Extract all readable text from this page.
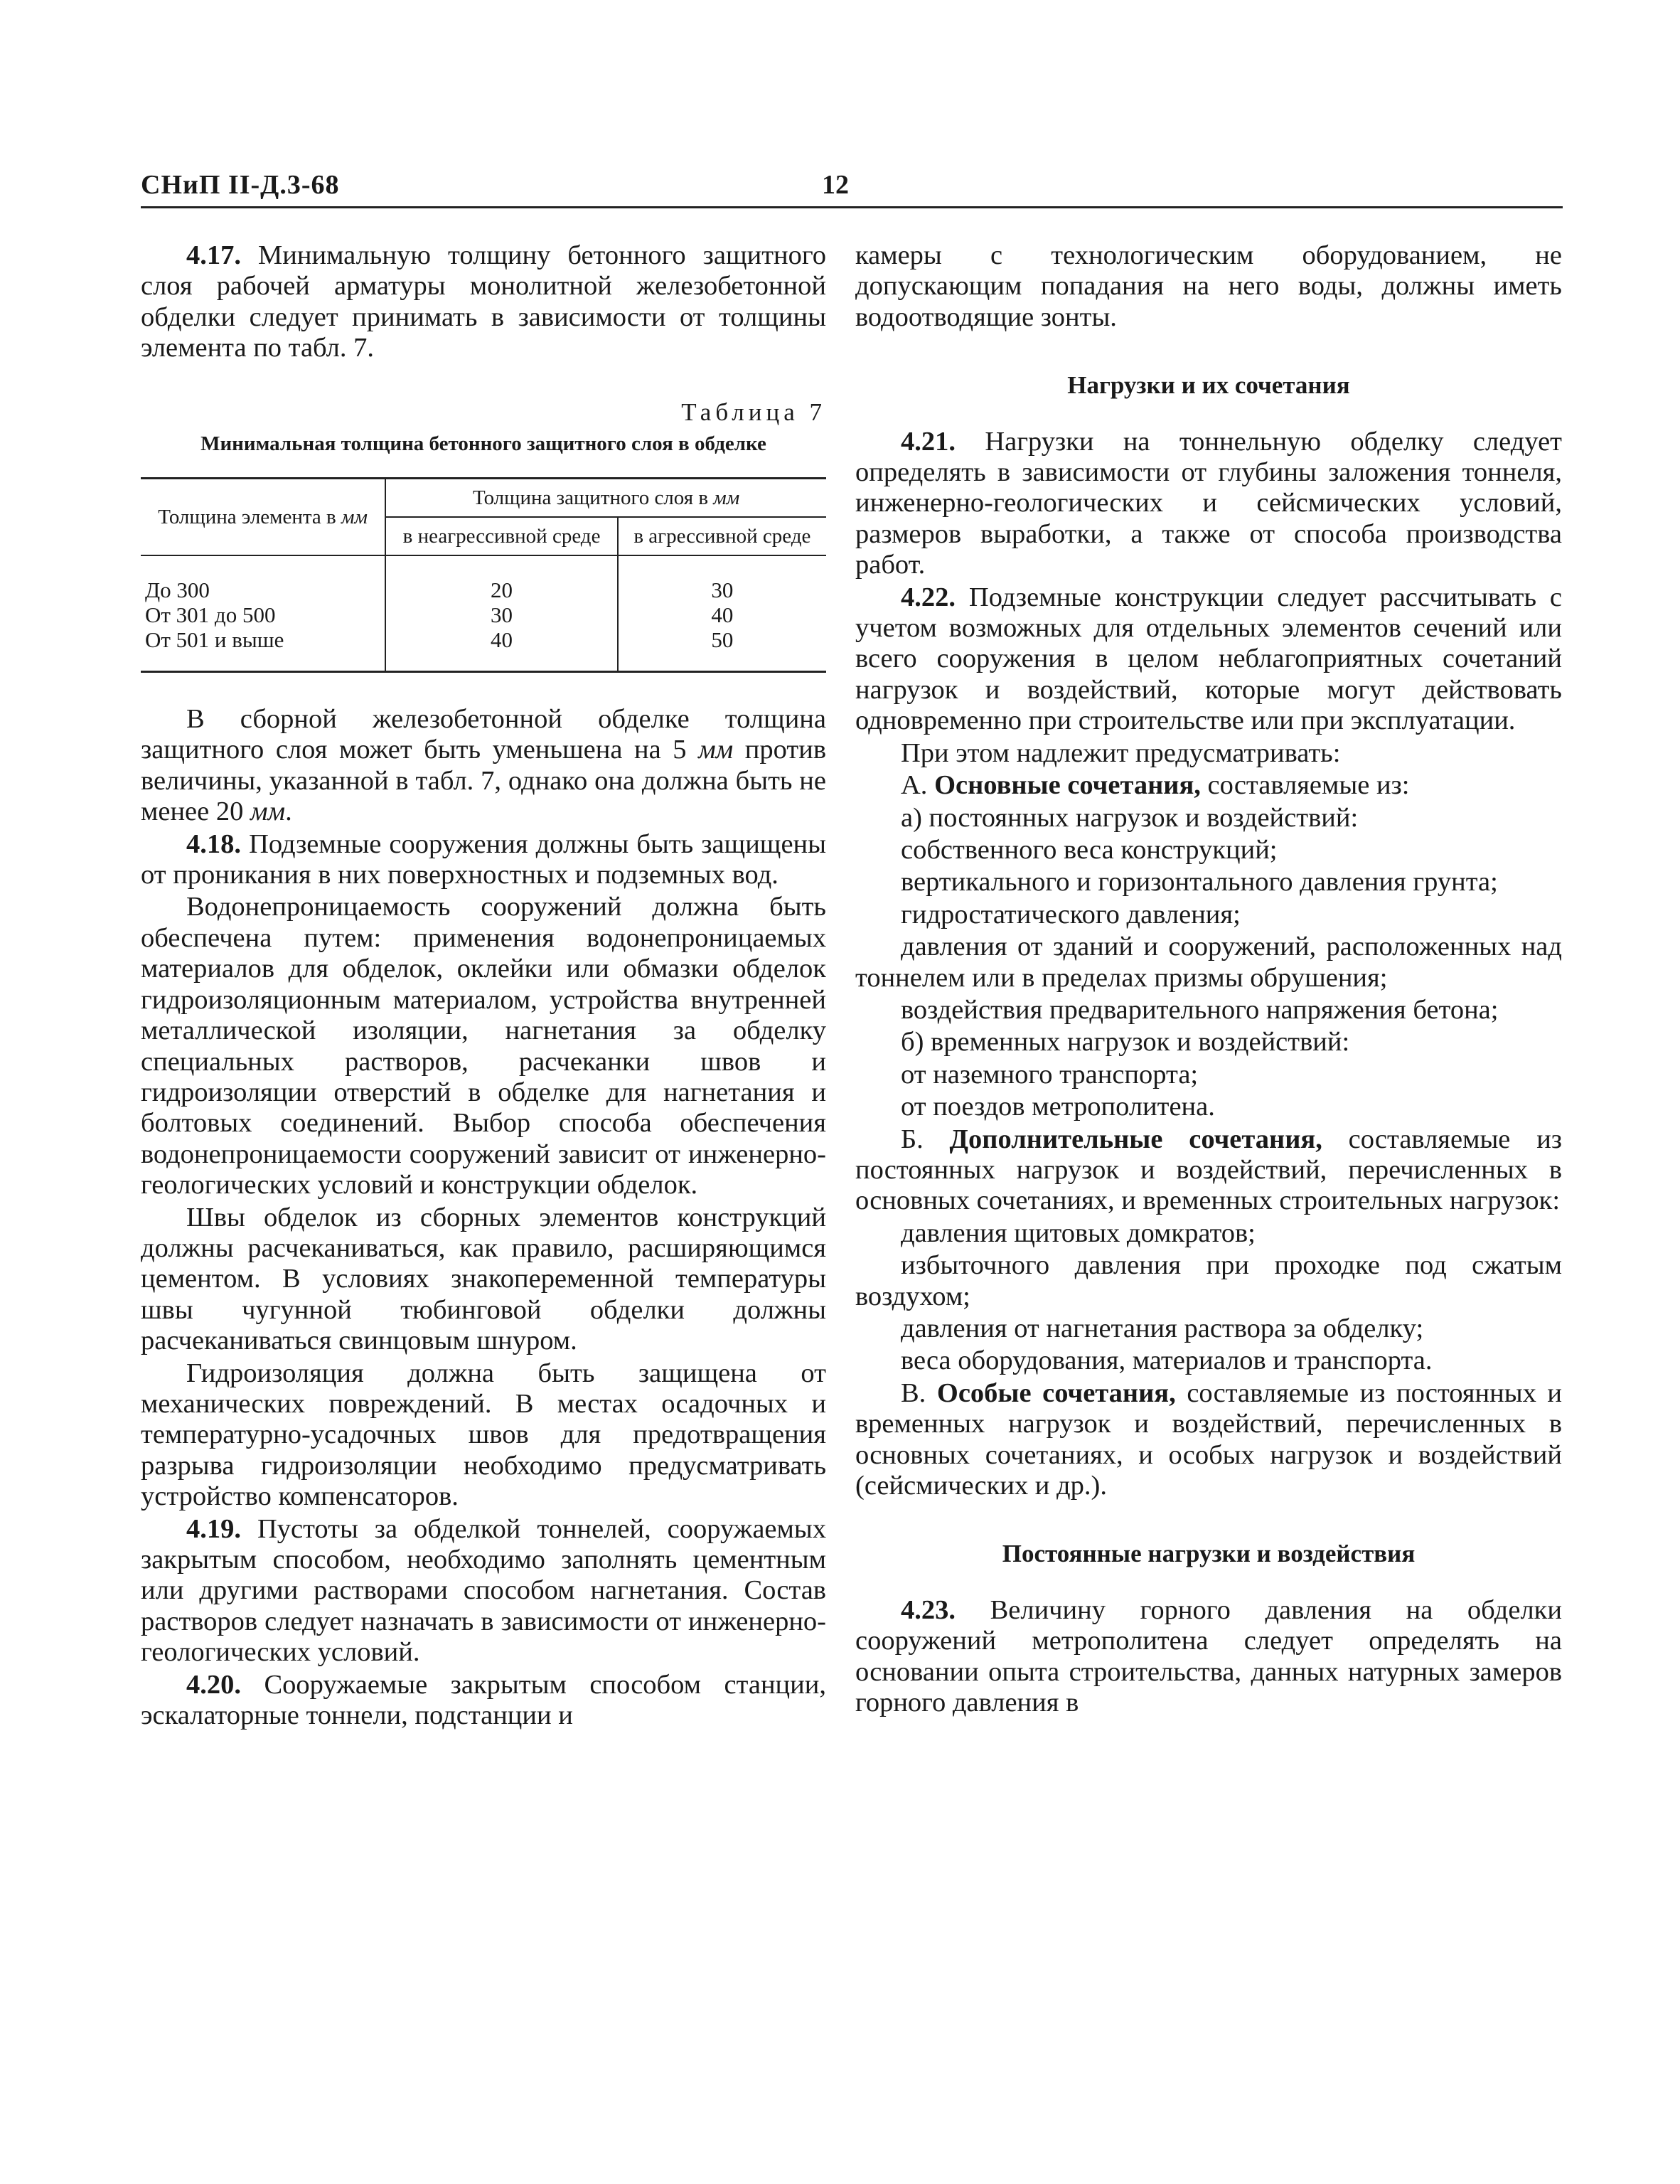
СНиП II-Д.3-68	12

4.17. Минимальную толщину бетонного защитного слоя рабочей арматуры монолитной железобетонной обделки следует принимать в зависимости от толщины элемента по табл. 7.

Таблица 7
Минимальная толщина бетонного защитного слоя в обделке
Толщина элемента в мм	Толщина защитного слоя в мм	
	в неагрессивной среде	в агрессивной среде
До 300	20	30
От 301 до 500	30	40
От 501 и выше	40	50

В сборной железобетонной обделке толщина защитного слоя может быть уменьшена на 5 мм против величины, указанной в табл. 7, однако она должна быть не менее 20 мм.

4.18. Подземные сооружения должны быть защищены от проникания в них поверхностных и подземных вод.

Водонепроницаемость сооружений должна быть обеспечена путем: применения водонепроницаемых материалов для обделок, оклейки или обмазки обделок гидроизоляционным материалом, устройства внутренней металлической изоляции, нагнетания за обделку специальных растворов, расчеканки швов и гидроизоляции отверстий в обделке для нагнетания и болтовых соединений. Выбор способа обеспечения водонепроницаемости сооружений зависит от инженерно-геологических условий и конструкции обделок.

Швы обделок из сборных элементов конструкций должны расчеканиваться, как правило, расширяющимся цементом. В условиях знакопеременной температуры швы чугунной тюбинговой обделки должны расчеканиваться свинцовым шнуром.

Гидроизоляция должна быть защищена от механических повреждений. В местах осадочных и температурно-усадочных швов для предотвращения разрыва гидроизоляции необходимо предусматривать устройство компенсаторов.

4.19. Пустоты за обделкой тоннелей, сооружаемых закрытым способом, необходимо заполнять цементным или другими растворами способом нагнетания. Состав растворов следует назначать в зависимости от инженерно-геологических условий.

4.20. Сооружаемые закрытым способом станции, эскалаторные тоннели, подстанции и

камеры с технологическим оборудованием, не допускающим попадания на него воды, должны иметь водоотводящие зонты.

Нагрузки и их сочетания

4.21. Нагрузки на тоннельную обделку следует определять в зависимости от глубины заложения тоннеля, инженерно-геологических и сейсмических условий, размеров выработки, а также от способа производства работ.

4.22. Подземные конструкции следует рассчитывать с учетом возможных для отдельных элементов сечений или всего сооружения в целом неблагоприятных сочетаний нагрузок и воздействий, которые могут действовать одновременно при строительстве или при эксплуатации.

При этом надлежит предусматривать:

А. Основные сочетания, составляемые из:

а) постоянных нагрузок и воздействий:

собственного веса конструкций;

вертикального и горизонтального давления грунта;

гидростатического давления;

давления от зданий и сооружений, расположенных над тоннелем или в пределах призмы обрушения;

воздействия предварительного напряжения бетона;

б) временных нагрузок и воздействий:

от наземного транспорта;

от поездов метрополитена.

Б. Дополнительные сочетания, составляемые из постоянных нагрузок и воздействий, перечисленных в основных сочетаниях, и временных строительных нагрузок:

давления щитовых домкратов;

избыточного давления при проходке под сжатым воздухом;

давления от нагнетания раствора за обделку;

веса оборудования, материалов и транспорта.

В. Особые сочетания, составляемые из постоянных и временных нагрузок и воздействий, перечисленных в основных сочетаниях, и особых нагрузок и воздействий (сейсмических и др.).

Постоянные нагрузки и воздействия

4.23. Величину горного давления на обделки сооружений метрополитена следует определять на основании опыта строительства, данных натурных замеров горного давления в
